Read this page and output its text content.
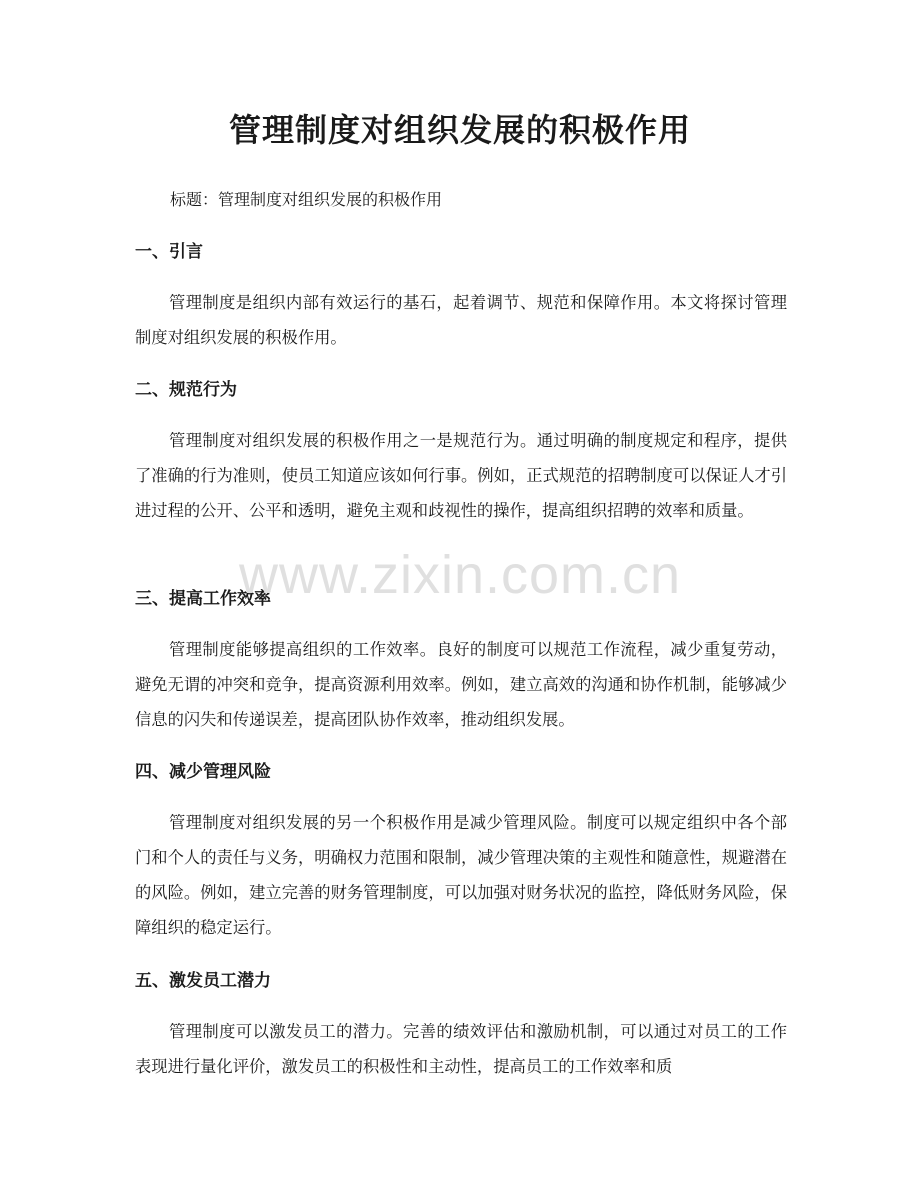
管理制度对组织发展的积极作用
标题：管理制度对组织发展的积极作用
一、引言
管理制度是组织内部有效运行的基石，起着调节、规范和保障作用。本文将探讨管理制度对组织发展的积极作用。
二、规范行为
管理制度对组织发展的积极作用之一是规范行为。通过明确的制度规定和程序，提供了准确的行为准则，使员工知道应该如何行事。例如，正式规范的招聘制度可以保证人才引进过程的公开、公平和透明，避免主观和歧视性的操作，提高组织招聘的效率和质量。
三、提高工作效率
管理制度能够提高组织的工作效率。良好的制度可以规范工作流程，减少重复劳动，避免无谓的冲突和竞争，提高资源利用效率。例如，建立高效的沟通和协作机制，能够减少信息的闪失和传递误差，提高团队协作效率，推动组织发展。
四、减少管理风险
管理制度对组织发展的另一个积极作用是减少管理风险。制度可以规定组织中各个部门和个人的责任与义务，明确权力范围和限制，减少管理决策的主观性和随意性，规避潜在的风险。例如，建立完善的财务管理制度，可以加强对财务状况的监控，降低财务风险，保障组织的稳定运行。
五、激发员工潜力
管理制度可以激发员工的潜力。完善的绩效评估和激励机制，可以通过对员工的工作表现进行量化评价，激发员工的积极性和主动性，提高员工的工作效率和质
www.zixin.com.cn
